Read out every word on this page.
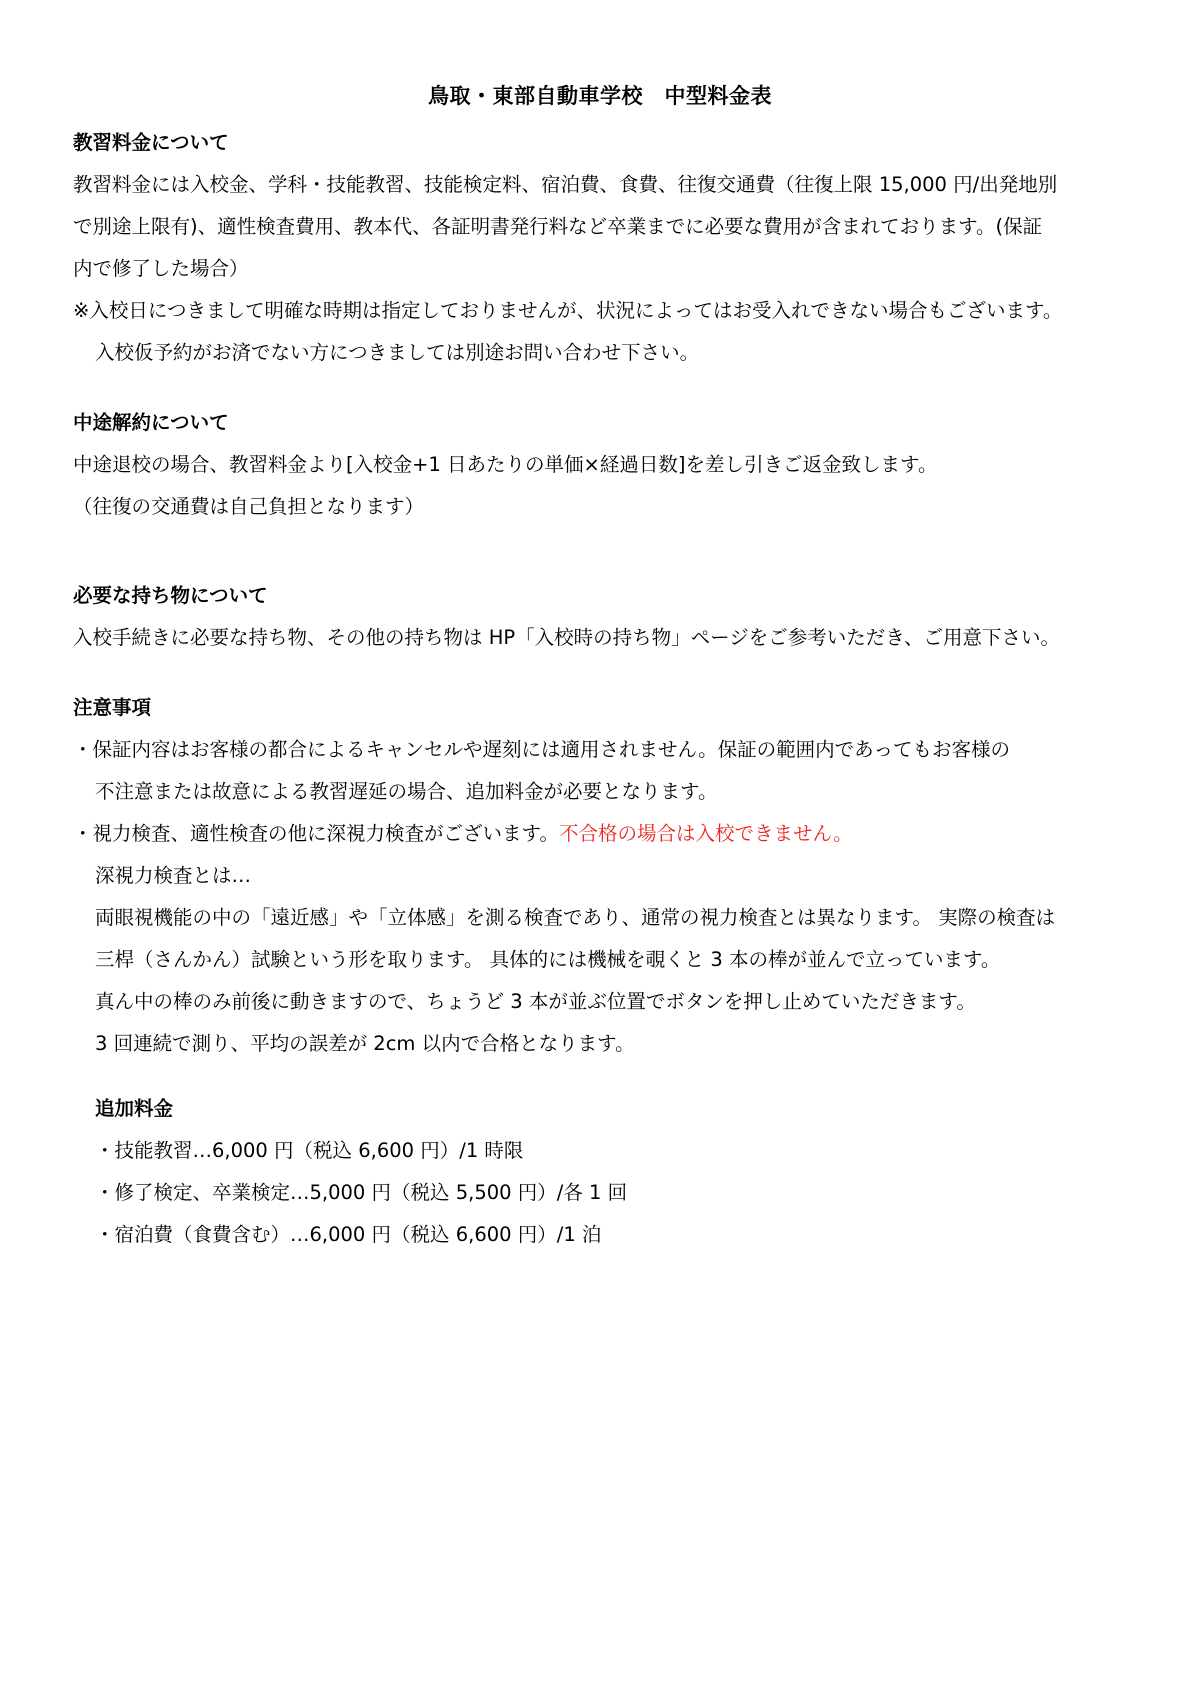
鳥取・東部自動車学校　中型料金表
教習料金について
教習料金には入校金、学科・技能教習、技能検定料、宿泊費、食費、往復交通費（往復上限 15,000 円/出発地別
で別途上限有)、適性検査費用、教本代、各証明書発行料など卒業までに必要な費用が含まれております。(保証
内で修了した場合）
※入校日につきまして明確な時期は指定しておりませんが、状況によってはお受入れできない場合もございます。
入校仮予約がお済でない方につきましては別途お問い合わせ下さい。
中途解約について
中途退校の場合、教習料金より[入校金+1 日あたりの単価×経過日数]を差し引きご返金致します。
（往復の交通費は自己負担となります）
必要な持ち物について
入校手続きに必要な持ち物、その他の持ち物は HP「入校時の持ち物」ページをご参考いただき、ご用意下さい。
注意事項
・保証内容はお客様の都合によるキャンセルや遅刻には適用されません。保証の範囲内であってもお客様の
不注意または故意による教習遅延の場合、追加料金が必要となります。
・視力検査、適性検査の他に深視力検査がございます。不合格の場合は入校できません。
深視力検査とは…
両眼視機能の中の「遠近感」や「立体感」を測る検査であり、通常の視力検査とは異なります。 実際の検査は
三桿（さんかん）試験という形を取ります。 具体的には機械を覗くと 3 本の棒が並んで立っています。
真ん中の棒のみ前後に動きますので、ちょうど 3 本が並ぶ位置でボタンを押し止めていただきます。
3 回連続で測り、平均の誤差が 2cm 以内で合格となります。
追加料金
・技能教習…6,000 円（税込 6,600 円）/1 時限
・修了検定、卒業検定…5,000 円（税込 5,500 円）/各 1 回
・宿泊費（食費含む）…6,000 円（税込 6,600 円）/1 泊
